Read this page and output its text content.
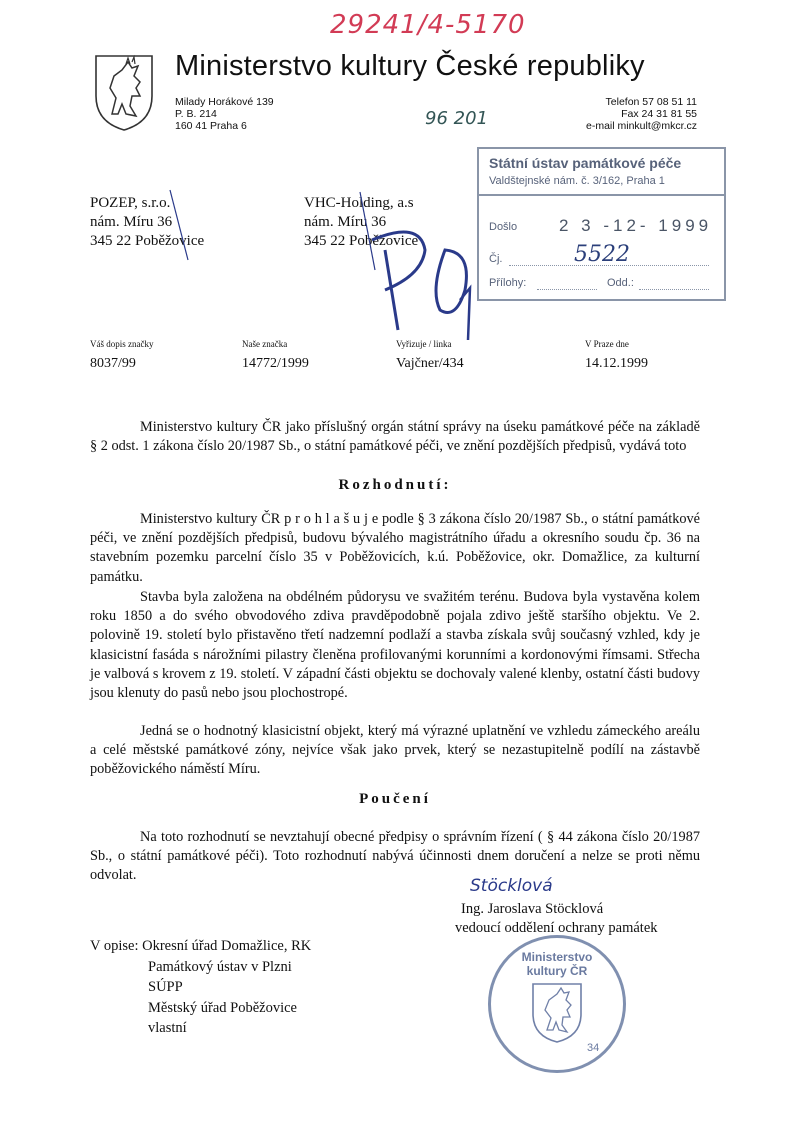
Ministerstvo kultury České republiky
Milady Horákové 139
P. B. 214
160 41 Praha 6
Telefon 57 08 51 11
Fax 24 31 81 55
e-mail minkult@mkcr.cz
29241/4-5170
96 201
Státní ústav památkové péče
Valdštejnské nám. č. 3/162, Praha 1
Došlo 2 3 -12- 1999
Čj.	5522
Přílohy:	Odd.:
POZEP, s.r.o.
nám. Míru 36
345 22 Poběžovice
VHC-Holding, a.s
nám. Míru 36
345 22 Poběžovice
Váš dopis značky	Naše značka	Vyřizuje / linka	V Praze dne
8037/99	14772/1999	Vajčner/434	14.12.1999
Ministerstvo kultury ČR jako příslušný orgán státní správy na úseku památkové péče na základě § 2 odst. 1 zákona číslo 20/1987 Sb., o státní památkové péči, ve znění pozdějších předpisů, vydává toto
Rozhodnutí:
Ministerstvo kultury ČR p r o h l a š u j e podle § 3 zákona číslo 20/1987 Sb., o státní památkové péči, ve znění pozdějších předpisů, budovu bývalého magistrátního úřadu a okresního soudu čp. 36 na stavebním pozemku parcelní číslo 35 v Poběžovicích, k.ú. Poběžovice, okr. Domažlice, za kulturní památku.
Stavba byla založena na obdélném půdorysu ve svažitém terénu. Budova byla vystavěna kolem roku 1850 a do svého obvodového zdiva pravděpodobně pojala zdivo ještě staršího objektu. Ve 2. polovině 19. století bylo přistavěno třetí nadzemní podlaží a stavba získala svůj současný vzhled, kdy je klasicistní fasáda s nárožními pilastry členěna profilovanými korunními a kordonovými římsami. Střecha je valbová s krovem z 19. století. V západní části objektu se dochovaly valené klenby, ostatní části budovy jsou klenuty do pasů nebo jsou plochostropé.
Jedná se o hodnotný klasicistní objekt, který má výrazné uplatnění ve vzhledu zámeckého areálu a celé městské památkové zóny, nejvíce však jako prvek, který se nezastupitelně podílí na zástavbě poběžovického náměstí Míru.
Poučení
Na toto rozhodnutí se nevztahují obecné předpisy o správním řízení ( § 44 zákona číslo 20/1987 Sb., o státní památkové péči). Toto rozhodnutí nabývá účinnosti dnem doručení a nelze se proti němu odvolat.
Stöcklová
Ing. Jaroslava Stöcklová
vedoucí oddělení ochrany památek
V opise: Okresní úřad Domažlice, RK
Památkový ústav v Plzni
SÚPP
Městský úřad Poběžovice
vlastní
Ministerstvo kultury ČR
34
